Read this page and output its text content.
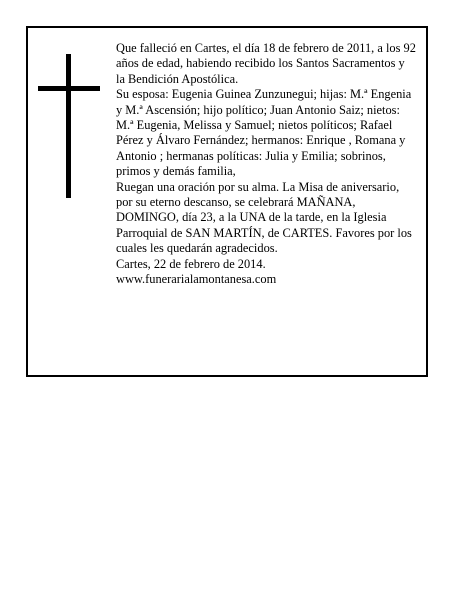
Que falleció en Cartes, el día 18 de febrero de 2011, a los 92 años de edad, habiendo recibido los Santos Sacramentos y la Bendición Apostólica.

Su esposa: Eugenia Guinea Zunzunegui; hijas: M.ª Engenia y M.ª Ascensión; hijo político; Juan Antonio Saiz; nietos: M.ª Eugenia, Melissa y Samuel; nietos políticos; Rafael Pérez y Álvaro Fernández; hermanos: Enrique , Romana y Antonio ; hermanas políticas: Julia y Emilia; sobrinos, primos y demás familia,

Ruegan una oración por su alma. La Misa de aniversario, por su eterno descanso, se celebrará MAÑANA, DOMINGO, día 23, a la UNA de la tarde, en la Iglesia Parroquial de SAN MARTÍN, de CARTES. Favores por los cuales les quedarán agradecidos.

Cartes, 22 de febrero de 2014.

www.funerarialamontanesa.com
